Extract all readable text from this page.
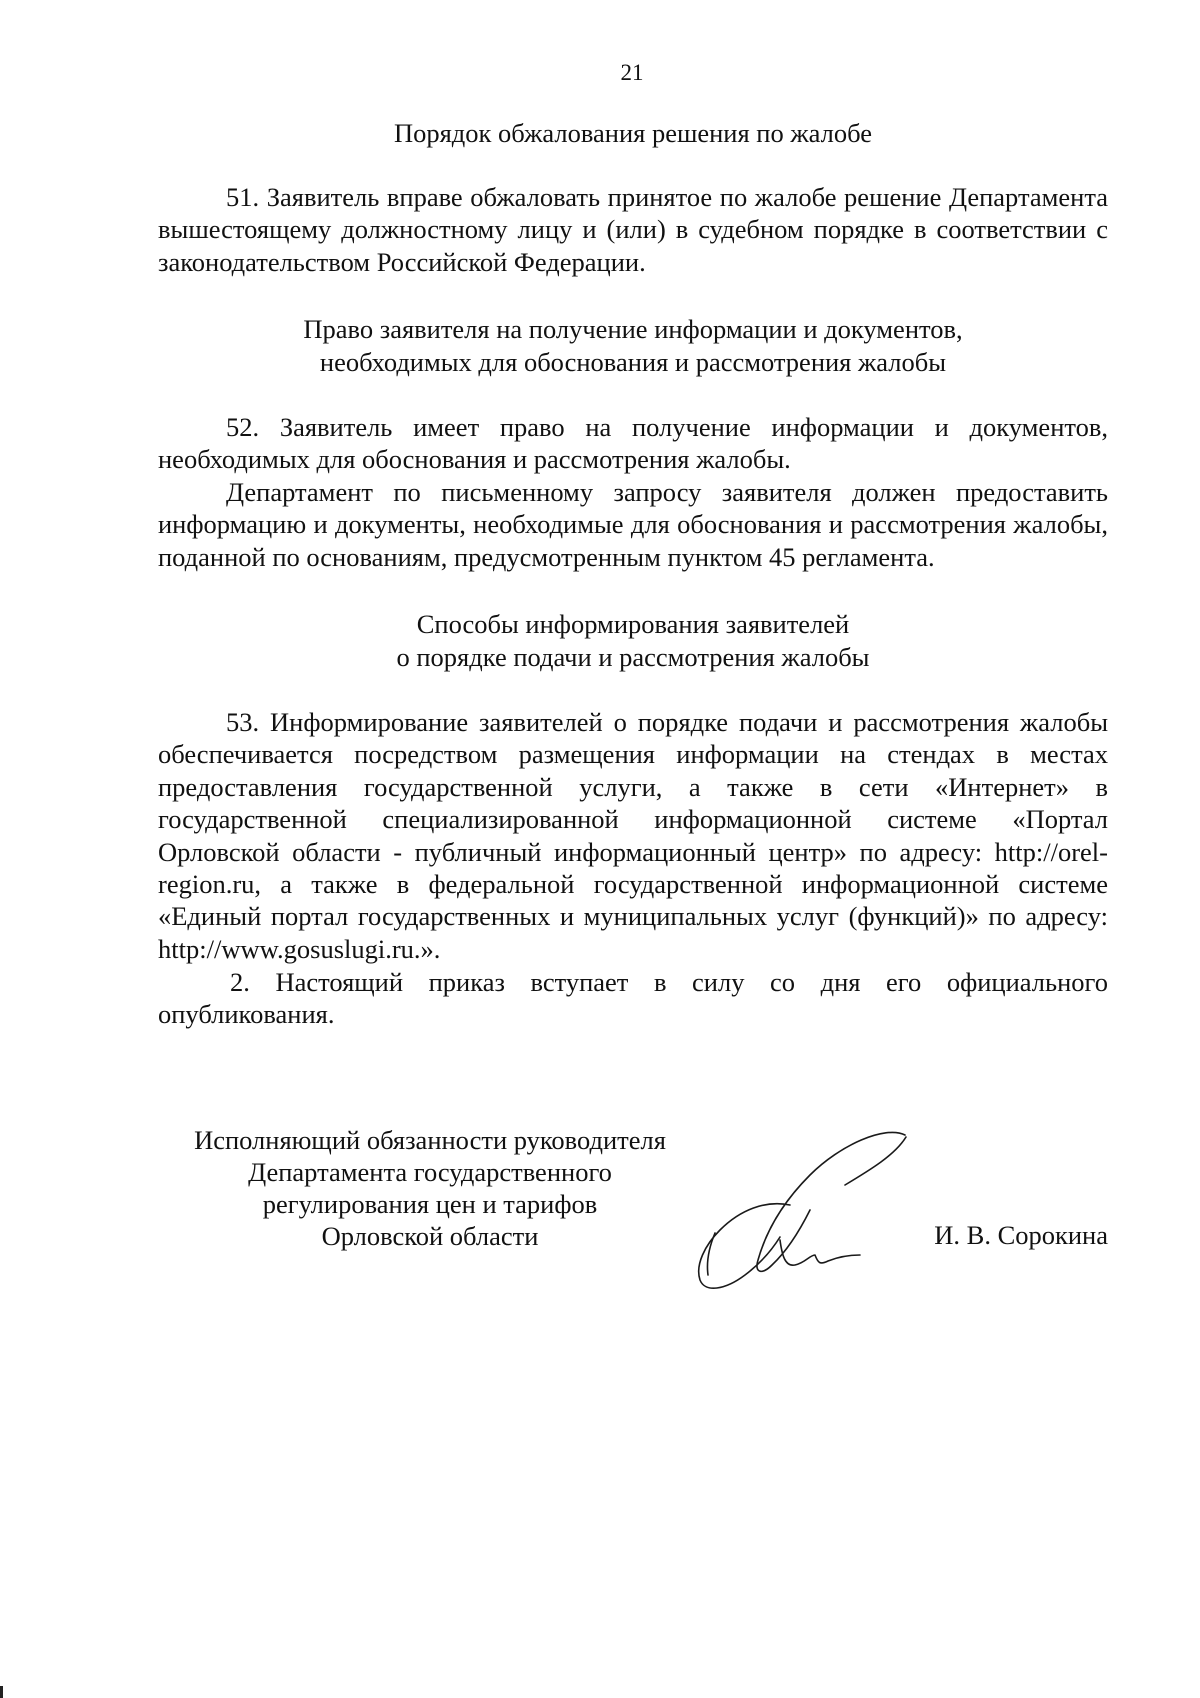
21
Порядок обжалования решения по жалобе

51. Заявитель вправе обжаловать принятое по жалобе решение Департамента вышестоящему должностному лицу и (или) в судебном порядке в соответствии с законодательством Российской Федерации.

Право заявителя на получение информации и документов,
необходимых для обоснования и рассмотрения жалобы

52. Заявитель имеет право на получение информации и документов, необходимых для обоснования и рассмотрения жалобы.

Департамент по письменному запросу заявителя должен предоставить информацию и документы, необходимые для обоснования и рассмотрения жалобы, поданной по основаниям, предусмотренным пунктом 45 регламента.

Способы информирования заявителей
о порядке подачи и рассмотрения жалобы

53. Информирование заявителей о порядке подачи и рассмотрения жалобы обеспечивается посредством размещения информации на стендах в местах предоставления государственной услуги, а также в сети «Интернет» в государственной специализированной информационной системе «Портал Орловской области - публичный информационный центр» по адресу: http://orel-region.ru, а также в федеральной государственной информационной системе «Единый портал государственных и муниципальных услуг (функций)» по адресу: http://www.gosuslugi.ru.».

2. Настоящий приказ вступает в силу со дня его официального опубликования.

Исполняющий обязанности руководителя
Департамента государственного
регулирования цен и тарифов
Орловской области	И. В. Сорокина
